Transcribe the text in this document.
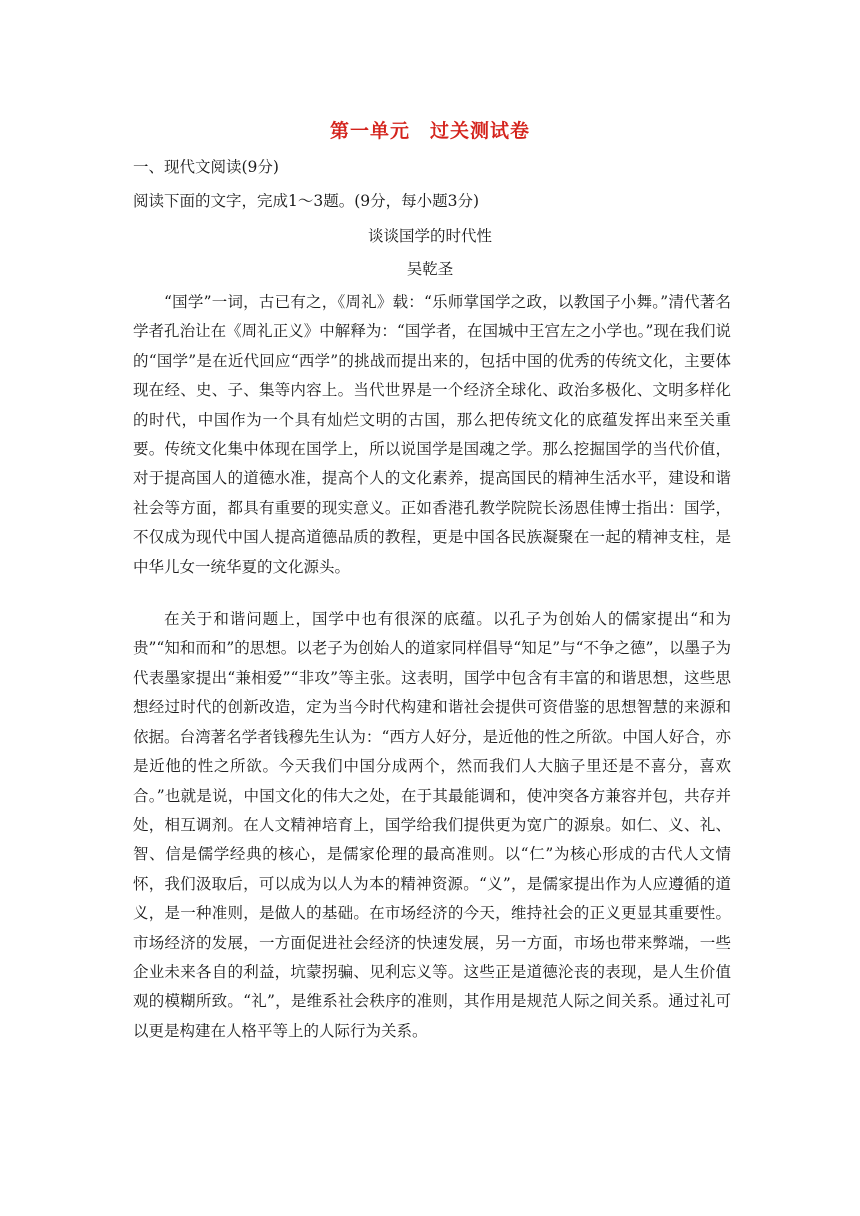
第一单元　过关测试卷
一、现代文阅读(9分)
阅读下面的文字，完成1～3题。(9分，每小题3分)
谈谈国学的时代性
吴乾圣

“国学”一词，古已有之，《周礼》载：“乐师掌国学之政，以教国子小舞。”清代著名学者孔治让在《周礼正义》中解释为：“国学者，在国城中王宫左之小学也。”现在我们说的“国学”是在近代回应“西学”的挑战而提出来的，包括中国的优秀的传统文化，主要体现在经、史、子、集等内容上。当代世界是一个经济全球化、政治多极化、文明多样化的时代，中国作为一个具有灿烂文明的古国，那么把传统文化的底蕴发挥出来至关重要。传统文化集中体现在国学上，所以说国学是国魂之学。那么挖掘国学的当代价值，对于提高国人的道德水准，提高个人的文化素养，提高国民的精神生活水平，建设和谐社会等方面，都具有重要的现实意义。正如香港孔教学院院长汤恩佳博士指出：国学，不仅成为现代中国人提高道德品质的教程，更是中国各民族凝聚在一起的精神支柱，是中华儿女一统华夏的文化源头。

在关于和谐问题上，国学中也有很深的底蕴。以孔子为创始人的儒家提出“和为贵”“知和而和”的思想。以老子为创始人的道家同样倡导“知足”与“不争之德”，以墨子为代表墨家提出“兼相爱”“非攻”等主张。这表明，国学中包含有丰富的和谐思想，这些思想经过时代的创新改造，定为当今时代构建和谐社会提供可资借鉴的思想智慧的来源和依据。台湾著名学者钱穆先生认为：“西方人好分，是近他的性之所欲。中国人好合，亦是近他的性之所欲。今天我们中国分成两个，然而我们人大脑子里还是不喜分，喜欢合。”也就是说，中国文化的伟大之处，在于其最能调和，使冲突各方兼容并包，共存并处，相互调剂。在人文精神培育上，国学给我们提供更为宽广的源泉。如仁、义、礼、智、信是儒学经典的核心，是儒家伦理的最高准则。以“仁”为核心形成的古代人文情怀，我们汲取后，可以成为以人为本的精神资源。“义”，是儒家提出作为人应遵循的道义，是一种准则，是做人的基础。在市场经济的今天，维持社会的正义更显其重要性。市场经济的发展，一方面促进社会经济的快速发展，另一方面，市场也带来弊端，一些企业未来各自的利益，坑蒙拐骗、见利忘义等。这些正是道德沦丧的表现，是人生价值观的模糊所致。“礼”，是维系社会秩序的准则，其作用是规范人际之间关系。通过礼可以更是构建在人格平等上的人际行为关系。
